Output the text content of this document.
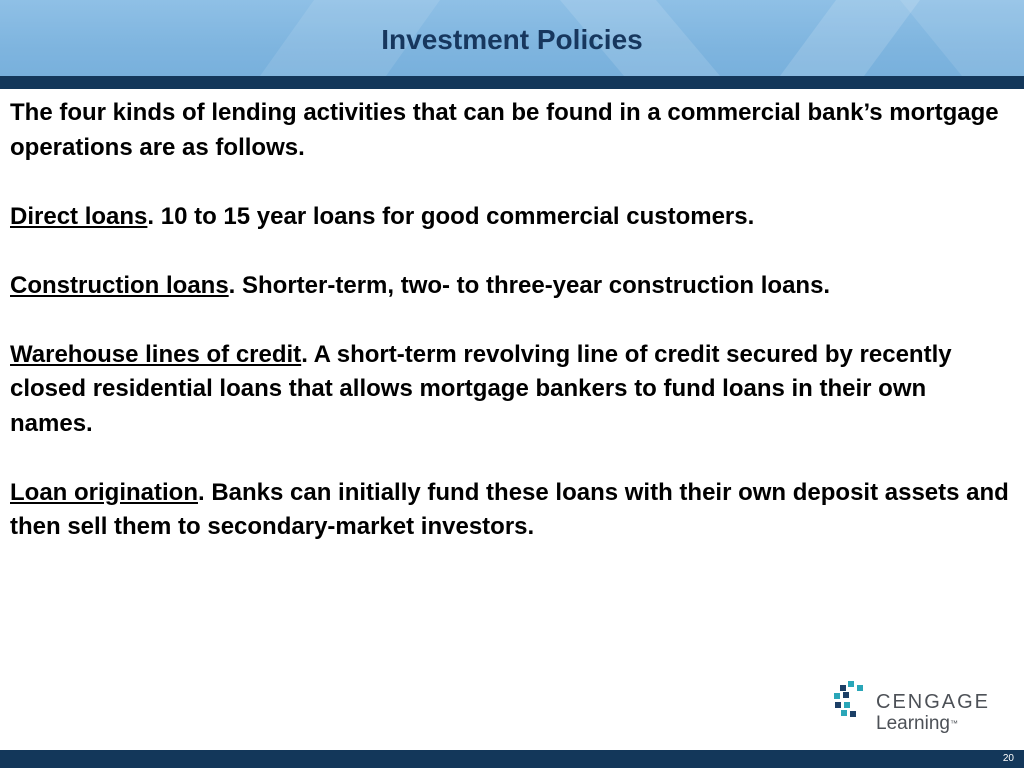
Investment Policies

The four kinds of lending activities that can be found in a commercial bank’s mortgage operations are as follows.

Direct loans. 10 to 15 year loans for good commercial customers.

Construction loans. Shorter-term, two- to three-year construction loans.

Warehouse lines of credit. A short-term revolving line of credit secured by recently closed residential loans that allows mortgage bankers to fund loans in their own names.

Loan origination. Banks can initially fund these loans with their own deposit assets and then sell them to secondary-market investors.

CENGAGE
Learning™
20
